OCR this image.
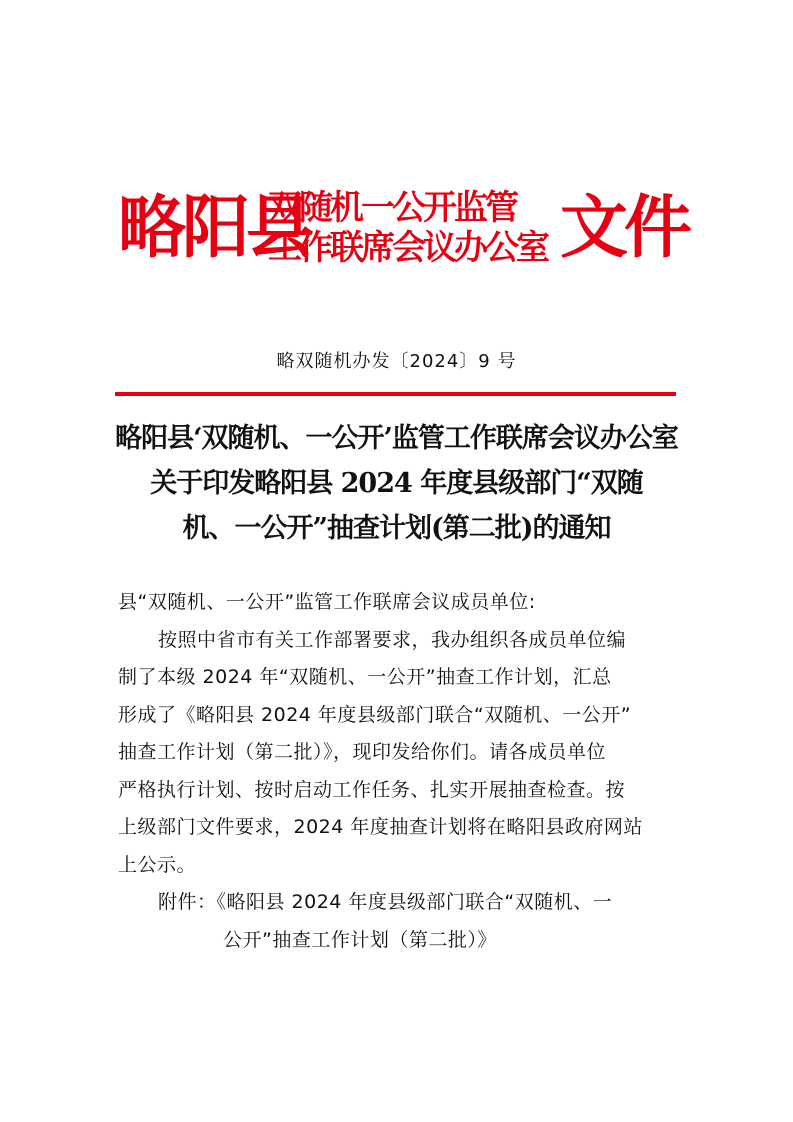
略阳县
双随机一公开监管
工作联席会议办公室 文件
略双随机办发〔2024〕9 号
略阳县‘双随机、一公开’监管工作联席会议办公室
关于印发略阳县 2024 年度县级部门“双随
机、一公开”抽查计划(第二批)的通知
县“双随机、一公开”监管工作联席会议成员单位:
按照中省市有关工作部署要求，我办组织各成员单位编
制了本级 2024 年“双随机、一公开”抽查工作计划，汇总
形成了《略阳县 2024 年度县级部门联合“双随机、一公开”
抽查工作计划（第二批）》，现印发给你们。请各成员单位
严格执行计划、按时启动工作任务、扎实开展抽查检查。按
上级部门文件要求，2024 年度抽查计划将在略阳县政府网站
上公示。
附件：《略阳县 2024 年度县级部门联合“双随机、一
公开”抽查工作计划（第二批）》
